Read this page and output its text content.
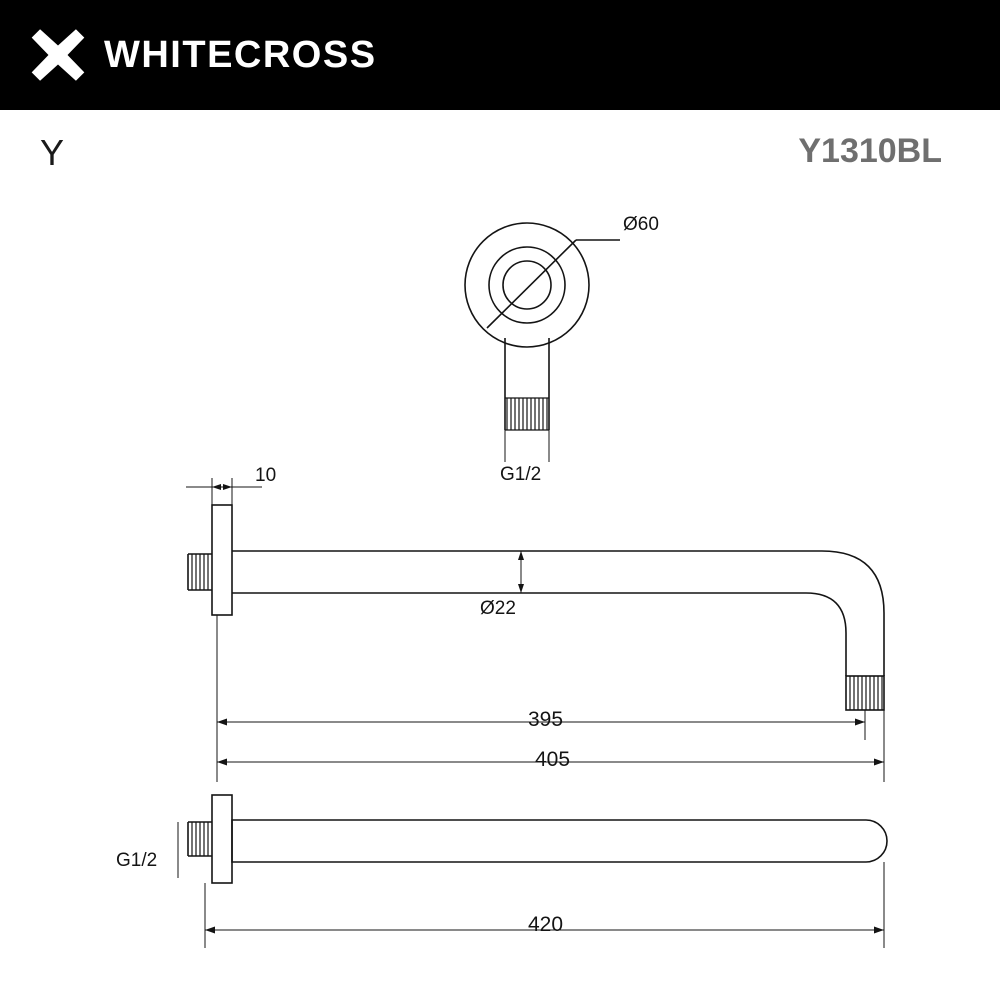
WHITECROSS
Y	Y1310BL
Ø60
G1/2
10
Ø22
395
405
G1/2
420
